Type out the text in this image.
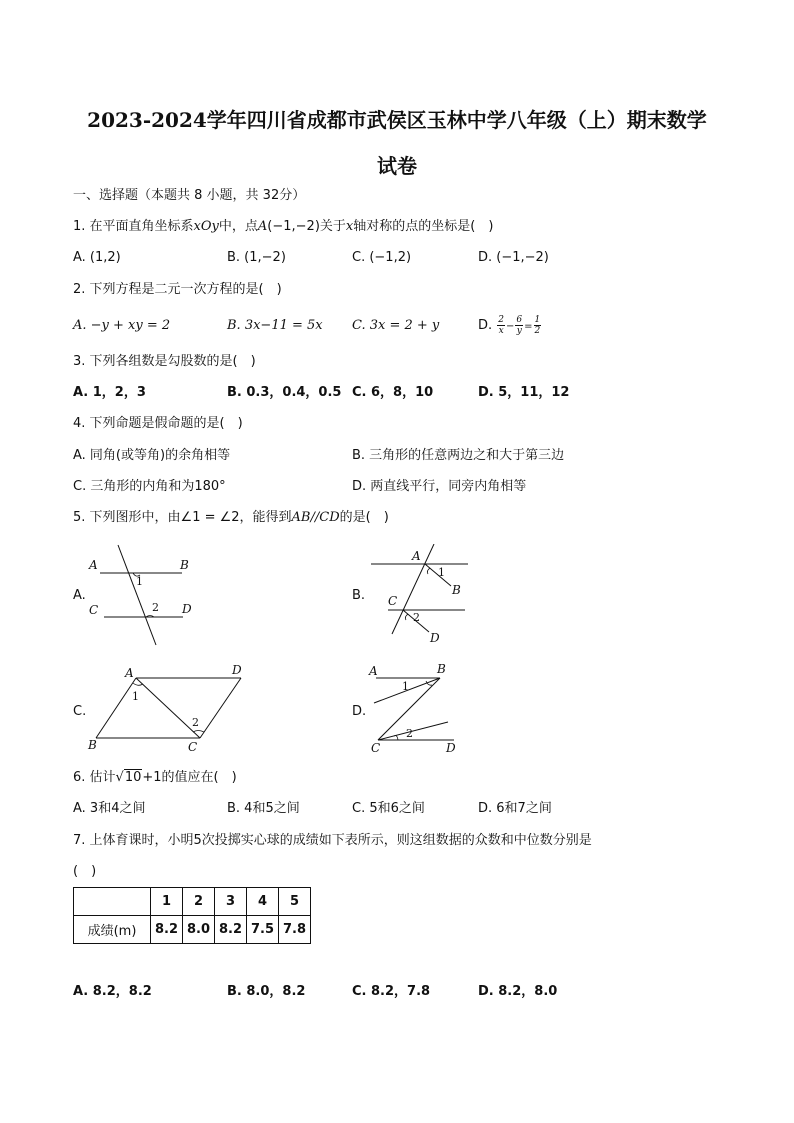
2023-2024学年四川省成都市武侯区玉林中学八年级（上）期末数学
试卷
一、选择题（本题共 8 小题，共 32分）
1. 在平面直角坐标系xOy中，点A(−1,−2)关于x轴对称的点的坐标是(　)
A. (1,2)	B. (1,−2)	C. (−1,2)	D. (−1,−2)
2. 下列方程是二元一次方程的是(　)
A. −y + xy = 2	B. 3x−11 = 5x C. 3x = 2 + y	D. $\frac{2}{x} - \frac{6}{y} = \frac{1}{2}$
3. 下列各组数是勾股数的是(　)
A. 1，2，3	B. 0.3，0.4，0.5 C. 6，8，10	D. 5，11，12
4. 下列命题是假命题的是(　)
A. 同角(或等角)的余角相等	B. 三角形的任意两边之和大于第三边
C. 三角形的内角和为180°	D. 两直线平行，同旁内角相等
5. 下列图形中，由∠1 = ∠2，能得到AB//CD的是(　)
A.	B.
C.	D.
A	B
C	D
1
2
A
B
C
D
1
2
A	D
B	C
1
2
A	B
C	D
1
2
6. 估计√10+1的值应在(　)
A. 3和4之间	B. 4和5之间	C. 5和6之间	D. 6和7之间
7. 上体育课时，小明5次投掷实心球的成绩如下表所示，则这组数据的众数和中位数分别是
(　)
	1	2	3	4	5
成绩(m)	8.2	8.0	8.2	7.5	7.8
A. 8.2，8.2	B. 8.0，8.2	C. 8.2，7.8	D. 8.2，8.0
